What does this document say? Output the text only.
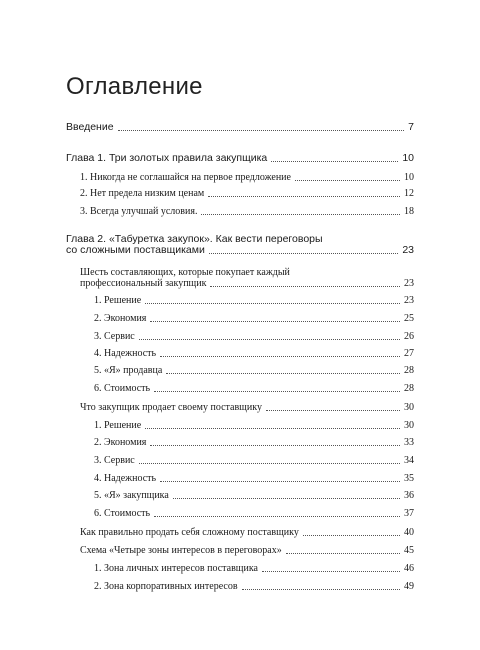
Оглавление
Введение	7
Глава 1. Три золотых правила закупщика	10
1. Никогда не соглашайся на первое предложение	10
2. Нет предела низким ценам	12
3. Всегда улучшай условия.	18
Глава 2. «Табуретка закупок». Как вести переговоры
со сложными поставщиками	23
Шесть составляющих, которые покупает каждый
профессиональный закупщик	23
1. Решение	23
2. Экономия	25
3. Сервис	26
4. Надежность	27
5. «Я» продавца	28
6. Стоимость	28
Что закупщик продает своему поставщику	30
1. Решение	30
2. Экономия	33
3. Сервис	34
4. Надежность	35
5. «Я» закупщика	36
6. Стоимость	37
Как правильно продать себя сложному поставщику	40
Схема «Четыре зоны интересов в переговорах»	45
1. Зона личных интересов поставщика	46
2. Зона корпоративных интересов	49
